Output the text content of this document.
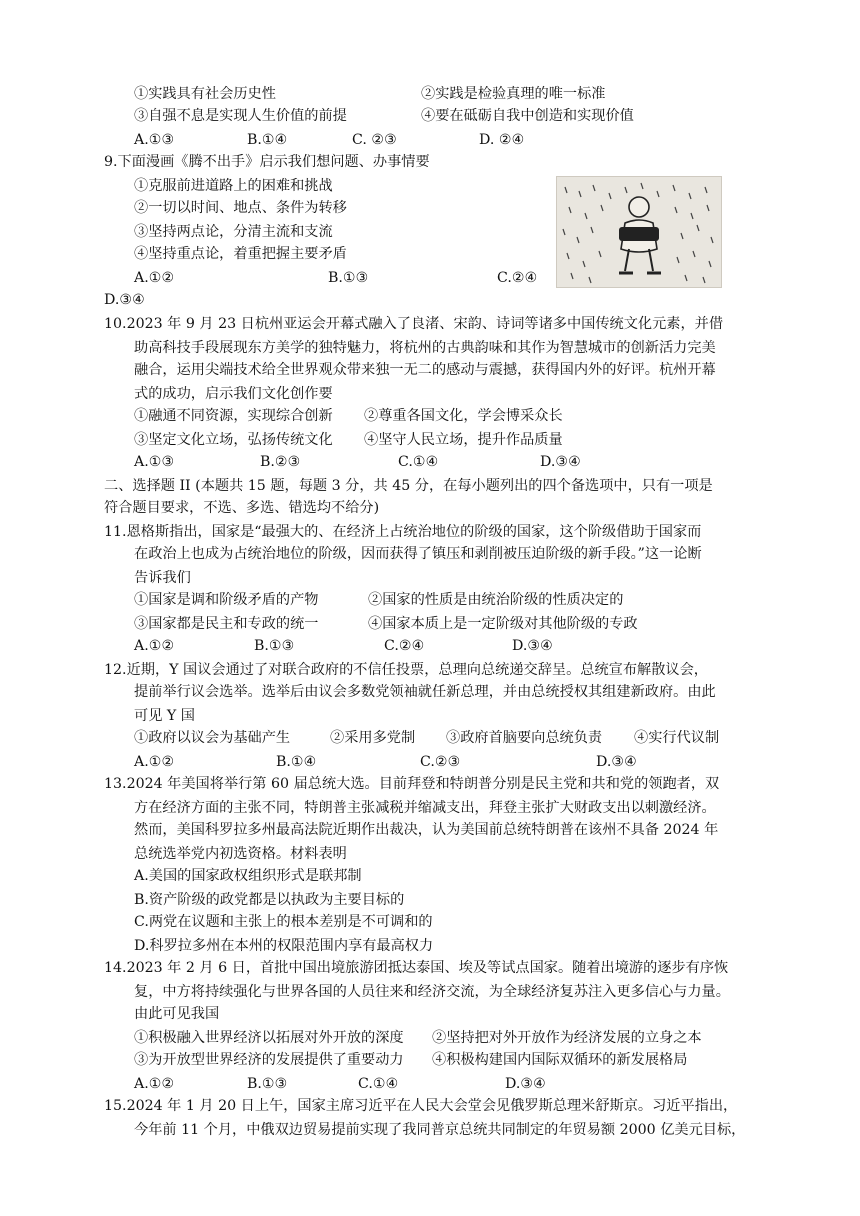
①实践具有社会历史性	②实践是检验真理的唯一标准
③自强不息是实现人生价值的前提	④要在砥砺自我中创造和实现价值
A.①③	B.①④	C. ②③	D. ②④
9.下面漫画《腾不出手》启示我们想问题、办事情要
①克服前进道路上的困难和挑战
②一切以时间、地点、条件为转移
③坚持两点论，分清主流和支流
④坚持重点论，着重把握主要矛盾
A.①②	B.①③	C.②④
D.③④
10.2023 年 9 月 23 日杭州亚运会开幕式融入了良渚、宋韵、诗词等诸多中国传统文化元素，并借
助高科技手段展现东方美学的独特魅力，将杭州的古典韵味和其作为智慧城市的创新活力完美
融合，运用尖端技术给全世界观众带来独一无二的感动与震撼，获得国内外的好评。杭州开幕
式的成功，启示我们文化创作要
①融通不同资源，实现综合创新 ②尊重各国文化，学会博采众长
③坚定文化立场，弘扬传统文化 ④坚守人民立场，提升作品质量
A.①③	B.②③	C.①④	D.③④
二、选择题 II (本题共 15 题，每题 3 分，共 45 分，在每小题列出的四个备选项中，只有一项是
符合题目要求，不选、多选、错选均不给分)
11.恩格斯指出，国家是“最强大的、在经济上占统治地位的阶级的国家，这个阶级借助于国家而
在政治上也成为占统治地位的阶级，因而获得了镇压和剥削被压迫阶级的新手段。”这一论断
告诉我们
①国家是调和阶级矛盾的产物	②国家的性质是由统治阶级的性质决定的
③国家都是民主和专政的统一	④国家本质上是一定阶级对其他阶级的专政
A.①②	B.①③	C.②④	D.③④
12.近期，Y 国议会通过了对联合政府的不信任投票，总理向总统递交辞呈。总统宣布解散议会，
提前举行议会选举。选举后由议会多数党领袖就任新总理，并由总统授权其组建新政府。由此
可见 Y 国
①政府以议会为基础产生	②采用多党制 ③政府首脑要向总统负责 ④实行代议制
A.①②	B.①④	C.②③	D.③④
13.2024 年美国将举行第 60 届总统大选。目前拜登和特朗普分别是民主党和共和党的领跑者，双
方在经济方面的主张不同，特朗普主张减税并缩减支出，拜登主张扩大财政支出以刺激经济。
然而，美国科罗拉多州最高法院近期作出裁决，认为美国前总统特朗普在该州不具备 2024 年
总统选举党内初选资格。材料表明
A.美国的国家政权组织形式是联邦制
B.资产阶级的政党都是以执政为主要目标的
C.两党在议题和主张上的根本差别是不可调和的
D.科罗拉多州在本州的权限范围内享有最高权力
14.2023 年 2 月 6 日，首批中国出境旅游团抵达泰国、埃及等试点国家。随着出境游的逐步有序恢
复，中方将持续强化与世界各国的人员往来和经济交流，为全球经济复苏注入更多信心与力量。
由此可见我国
①积极融入世界经济以拓展对外开放的深度 ②坚持把对外开放作为经济发展的立身之本
③为开放型世界经济的发展提供了重要动力 ④积极构建国内国际双循环的新发展格局
A.①②	B.①③	C.①④	D.③④
15.2024 年 1 月 20 日上午，国家主席习近平在人民大会堂会见俄罗斯总理米舒斯京。习近平指出，
今年前 11 个月，中俄双边贸易提前实现了我同普京总统共同制定的年贸易额 2000 亿美元目标，
